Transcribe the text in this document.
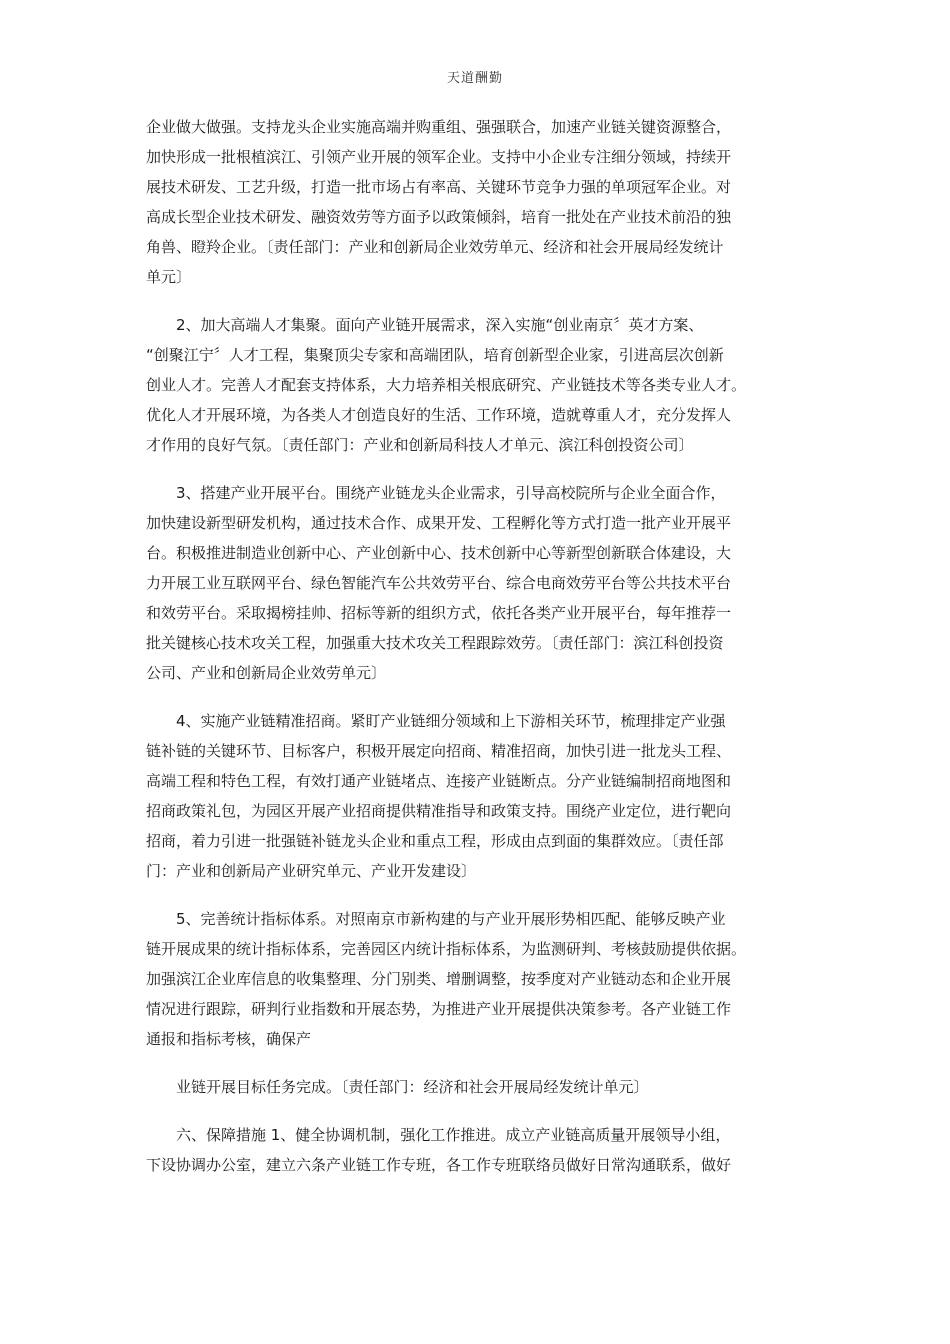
天道酬勤
企业做大做强。支持龙头企业实施高端并购重组、强强联合，加速产业链关键资源整合，
加快形成一批根植滨江、引领产业开展的领军企业。支持中小企业专注细分领域，持续开
展技术研发、工艺升级，打造一批市场占有率高、关键环节竞争力强的单项冠军企业。对
高成长型企业技术研发、融资效劳等方面予以政策倾斜，培育一批处在产业技术前沿的独
角兽、瞪羚企业。〔责任部门：产业和创新局企业效劳单元、经济和社会开展局经发统计
单元〕
2、加大高端人才集聚。面向产业链开展需求，深入实施“创业南京〞英才方案、
“创聚江宁〞人才工程，集聚顶尖专家和高端团队，培育创新型企业家，引进高层次创新
创业人才。完善人才配套支持体系，大力培养相关根底研究、产业链技术等各类专业人才。
优化人才开展环境，为各类人才创造良好的生活、工作环境，造就尊重人才，充分发挥人
才作用的良好气氛。〔责任部门：产业和创新局科技人才单元、滨江科创投资公司〕
3、搭建产业开展平台。围绕产业链龙头企业需求，引导高校院所与企业全面合作，
加快建设新型研发机构，通过技术合作、成果开发、工程孵化等方式打造一批产业开展平
台。积极推进制造业创新中心、产业创新中心、技术创新中心等新型创新联合体建设，大
力开展工业互联网平台、绿色智能汽车公共效劳平台、综合电商效劳平台等公共技术平台
和效劳平台。采取揭榜挂帅、招标等新的组织方式，依托各类产业开展平台，每年推荐一
批关键核心技术攻关工程，加强重大技术攻关工程跟踪效劳。〔责任部门：滨江科创投资
公司、产业和创新局企业效劳单元〕
4、实施产业链精准招商。紧盯产业链细分领域和上下游相关环节，梳理排定产业强
链补链的关键环节、目标客户，积极开展定向招商、精准招商，加快引进一批龙头工程、
高端工程和特色工程，有效打通产业链堵点、连接产业链断点。分产业链编制招商地图和
招商政策礼包，为园区开展产业招商提供精准指导和政策支持。围绕产业定位，进行靶向
招商，着力引进一批强链补链龙头企业和重点工程，形成由点到面的集群效应。〔责任部
门：产业和创新局产业研究单元、产业开发建设〕
5、完善统计指标体系。对照南京市新构建的与产业开展形势相匹配、能够反映产业
链开展成果的统计指标体系，完善园区内统计指标体系，为监测研判、考核鼓励提供依据。
加强滨江企业库信息的收集整理、分门别类、增删调整，按季度对产业链动态和企业开展
情况进行跟踪，研判行业指数和开展态势，为推进产业开展提供决策参考。各产业链工作
通报和指标考核，确保产
业链开展目标任务完成。〔责任部门：经济和社会开展局经发统计单元〕
六、保障措施 1、健全协调机制，强化工作推进。成立产业链高质量开展领导小组，
下设协调办公室，建立六条产业链工作专班，各工作专班联络员做好日常沟通联系，做好
